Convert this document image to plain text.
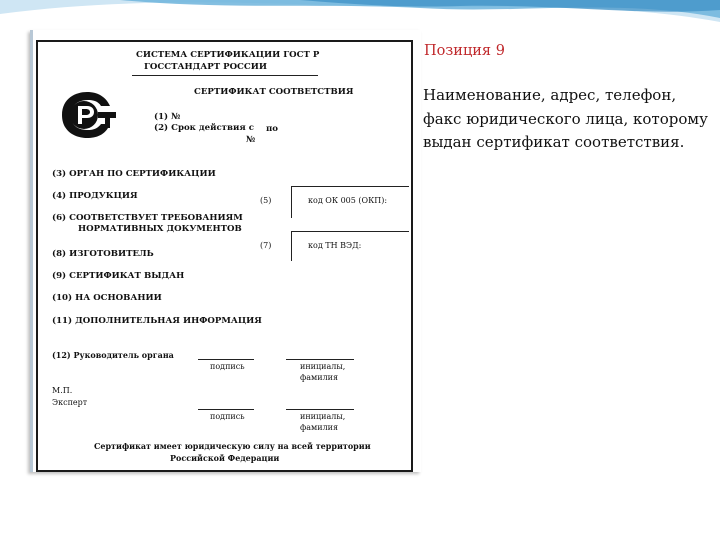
СИСТЕМА СЕРТИФИКАЦИИ ГОСТ Р
ГОССТАНДАРТ РОССИИ
СЕРТИФИКАТ СООТВЕТСТВИЯ
(1) №
(2) Срок действия с по
№
(3) ОРГАН ПО СЕРТИФИКАЦИИ
(4) ПРОДУКЦИЯ	(5)	код ОК 005 (ОКП):
(6) СООТВЕТСТВУЕТ ТРЕБОВАНИЯМ
НОРМАТИВНЫХ ДОКУМЕНТОВ
(7)	код ТН ВЭД:
(8) ИЗГОТОВИТЕЛЬ
(9) СЕРТИФИКАТ ВЫДАН
(10) НА ОСНОВАНИИ
(11) ДОПОЛНИТЕЛЬНАЯ ИНФОРМАЦИЯ
(12) Руководитель органа
подпись	инициалы,
фамилия
М.П.
Эксперт
подпись	инициалы,
фамилия
Сертификат имеет юридическую силу на всей территории
Российской Федерации
Позиция 9
Наименование, адрес, телефон, факс юридического лица, которому выдан сертификат соответствия.
